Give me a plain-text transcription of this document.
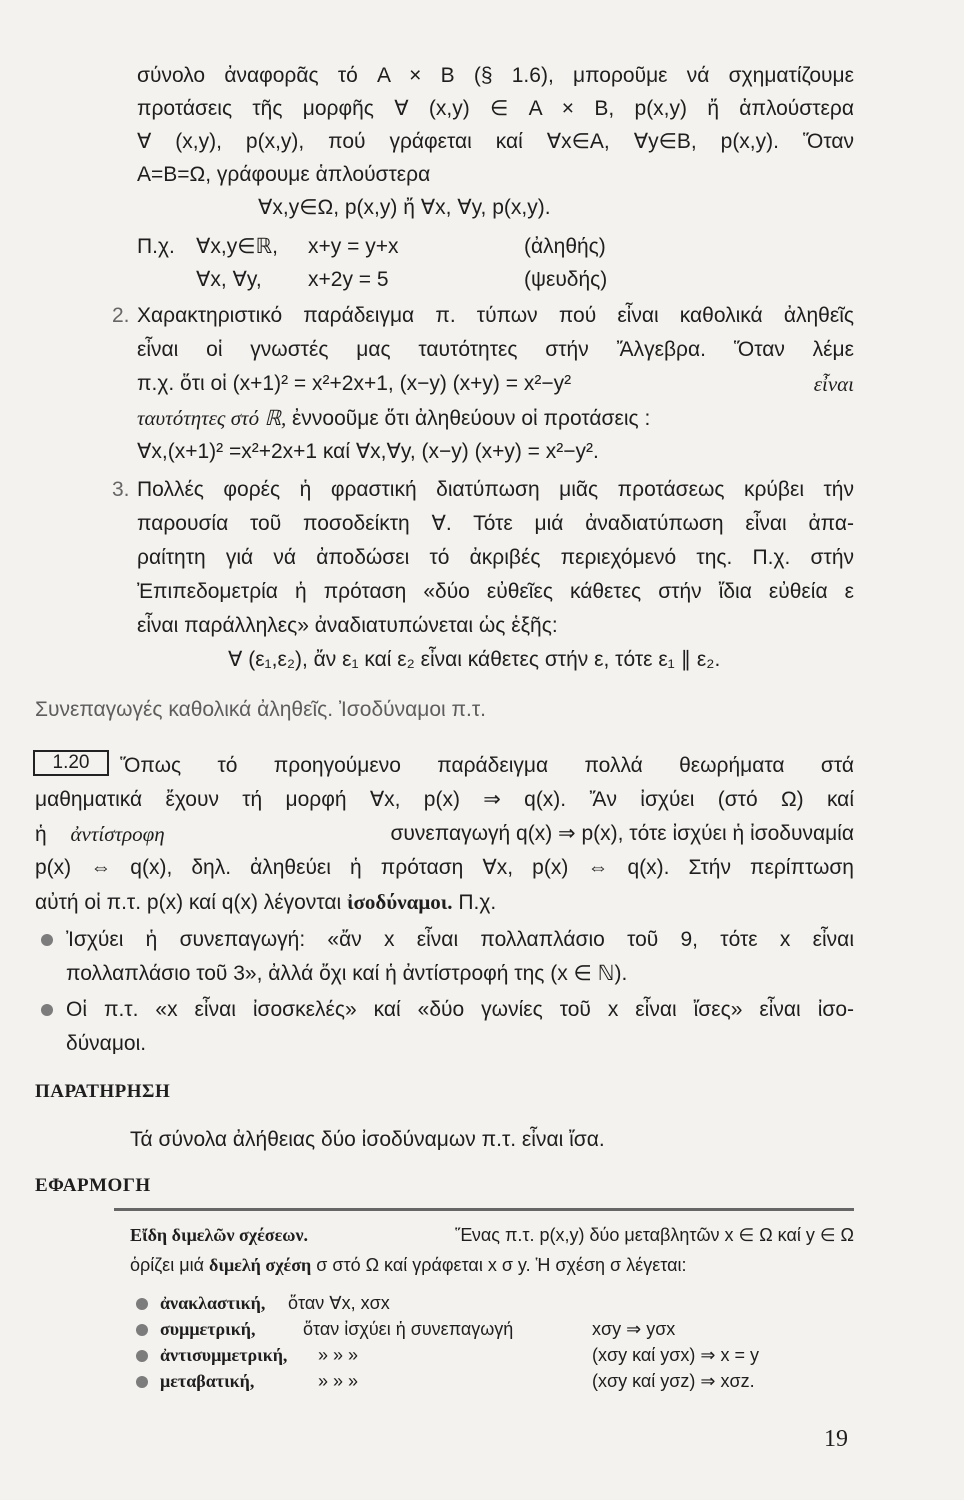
σύνολο ἀναφορᾶς τό A × B (§ 1.6), μποροῦμε νά σχηματίζουμε
προτάσεις τῆς μορφῆς ∀ (x,y) ∈ A × B, p(x,y) ἤ ἁπλούστερα
∀ (x,y), p(x,y), πού γράφεται καί ∀x∈A, ∀y∈B, p(x,y). Ὅταν
A=B=Ω, γράφουμε ἁπλούστερα
∀x,y∈Ω, p(x,y) ἤ ∀x, ∀y, p(x,y).
Π.χ. ∀x,y∈ℝ, x+y = y+x	(ἀληθής)
∀x, ∀y, x+2y = 5	(ψευδής)
2. Χαρακτηριστικό παράδειγμα π. τύπων πού εἶναι καθολικά ἀληθεῖς
εἶναι οἱ γνωστές μας ταυτότητες στήν Ἄλγεβρα. Ὅταν λέμε
π.χ. ὅτι οἱ (x+1)² = x²+2x+1, (x−y) (x+y) = x²−y²	εἶναι
ταυτότητες στό ℝ, ἐννοοῦμε ὅτι ἀληθεύουν οἱ προτάσεις :
∀x,(x+1)² =x²+2x+1 καί ∀x,∀y, (x−y) (x+y) = x²−y².
3. Πολλές φορές ἡ φραστική διατύπωση μιᾶς προτάσεως κρύβει τήν
παρουσία τοῦ ποσοδείκτη ∀. Τότε μιά ἀναδιατύπωση εἶναι ἀπα-
ραίτητη γιά νά ἀποδώσει τό ἀκριβές περιεχόμενό της. Π.χ. στήν
Ἐπιπεδομετρία ἡ πρόταση «δύο εὐθεῖες κάθετες στήν ἴδια εὐθεία ε
εἶναι παράλληλες» ἀναδιατυπώνεται ὡς ἑξῆς:
∀ (ε₁,ε₂), ἄν ε₁ καί ε₂ εἶναι κάθετες στήν ε, τότε ε₁ ∥ ε₂.
Συνεπαγωγές καθολικά ἀληθεῖς. Ἰσοδύναμοι π.τ.
1.20	Ὅπως τό προηγούμενο παράδειγμα πολλά θεωρήματα στά
μαθηματικά ἔχουν τή μορφή ∀x, p(x) ⇒ q(x). Ἄν ἰσχύει (στό Ω) καί
ἡ ἀντίστροφη	συνεπαγωγή q(x) ⇒ p(x), τότε ἰσχύει ἡ ἰσοδυναμία
p(x) ⇔ q(x), δηλ. ἀληθεύει ἡ πρόταση ∀x, p(x) ⇔ q(x). Στήν περίπτωση
αὐτή οἱ π.τ. p(x) καί q(x) λέγονται ἰσοδύναμοι. Π.χ.
Ἰσχύει ἡ συνεπαγωγή: «ἄν x εἶναι πολλαπλάσιο τοῦ 9, τότε x εἶναι
πολλαπλάσιο τοῦ 3», ἀλλά ὄχι καί ἡ ἀντίστροφή της (x ∈ ℕ).
Οἱ π.τ. «x εἶναι ἰσοσκελές» καί «δύο γωνίες τοῦ x εἶναι ἴσες» εἶναι ἰσο-
δύναμοι.
ΠΑΡΑΤΗΡΗΣΗ
Τά σύνολα ἀλήθειας δύο ἰσοδύναμων π.τ. εἶναι ἴσα.
ΕΦΑΡΜΟΓΗ
Εἴδη διμελῶν σχέσεων.	Ἕνας π.τ. p(x,y) δύο μεταβλητῶν x ∈ Ω καί y ∈ Ω
ὁρίζει μιά διμελή σχέση σ στό Ω καί γράφεται x σ y. Ἡ σχέση σ λέγεται:
ἀνακλαστική, ὅταν ∀x, xσx
συμμετρική,	ὅταν ἰσχύει ἡ συνεπαγωγή	xσy ⇒ yσx
ἀντισυμμετρική, » » »	(xσy καί yσx) ⇒ x = y
μεταβατική,	» » »	(xσy καί yσz) ⇒ xσz.
19
